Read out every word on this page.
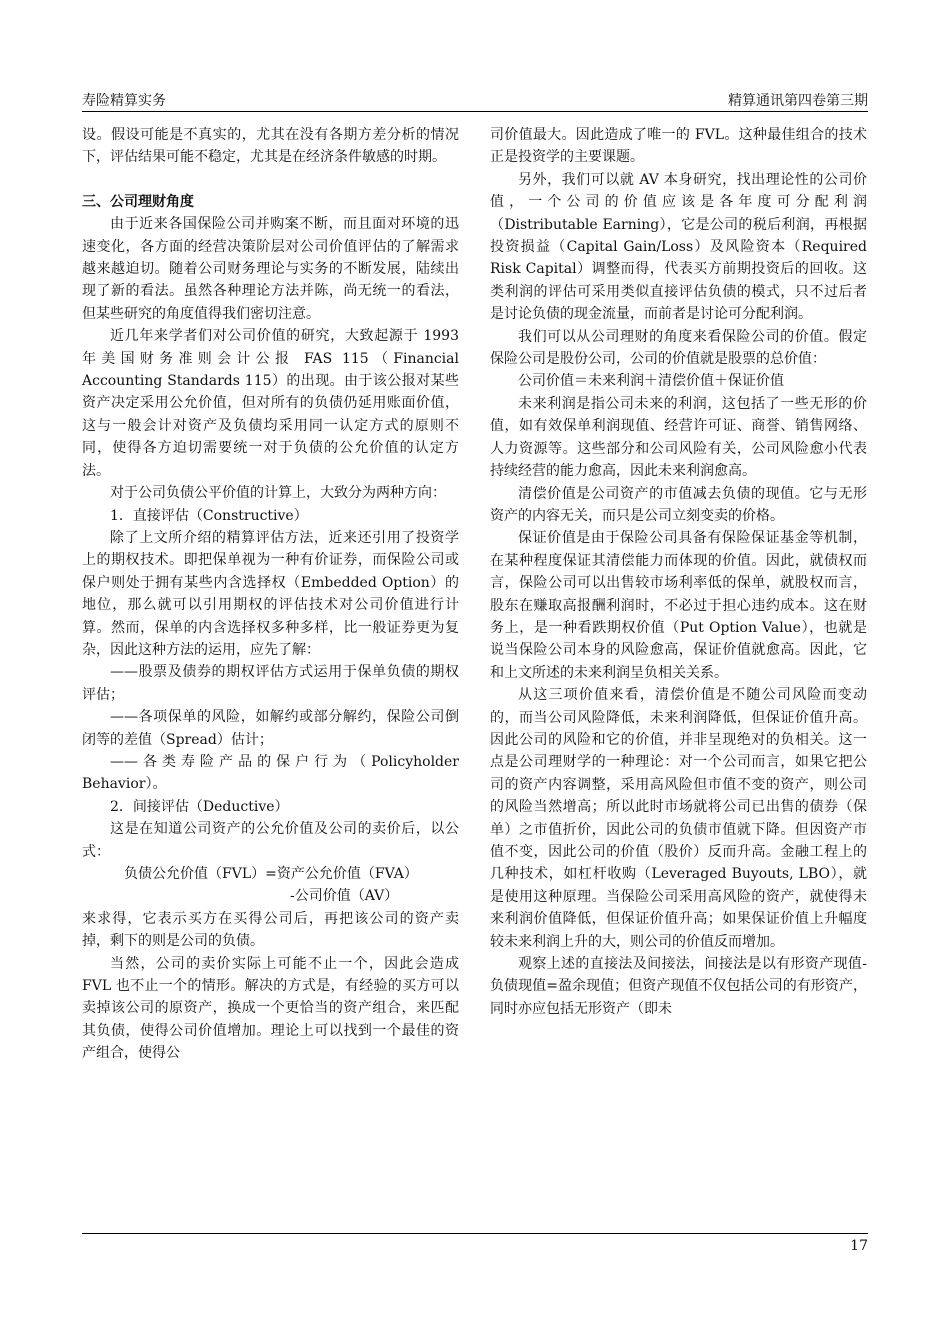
寿险精算实务	精算通讯第四卷第三期

设。假设可能是不真实的，尤其在没有各期方差分析的情况下，评估结果可能不稳定，尤其是在经济条件敏感的时期。

三、公司理财角度

由于近来各国保险公司并购案不断，而且面对环境的迅速变化，各方面的经营决策阶层对公司价值评估的了解需求越来越迫切。随着公司财务理论与实务的不断发展，陆续出现了新的看法。虽然各种理论方法并陈，尚无统一的看法，但某些研究的角度值得我们密切注意。

近几年来学者们对公司价值的研究，大致起源于 1993 年美国财务准则会计公报 FAS 115（Financial Accounting Standards 115）的出现。由于该公报对某些资产决定采用公允价值，但对所有的负债仍延用账面价值，这与一般会计对资产及负债均采用同一认定方式的原则不同，使得各方迫切需要统一对于负债的公允价值的认定方法。

对于公司负债公平价值的计算上，大致分为两种方向：

1．直接评估（Constructive）

除了上文所介绍的精算评估方法，近来还引用了投资学上的期权技术。即把保单视为一种有价证券，而保险公司或保户则处于拥有某些内含选择权（Embedded Option）的地位，那么就可以引用期权的评估技术对公司价值进行计算。然而，保单的内含选择权多种多样，比一般证券更为复杂，因此这种方法的运用，应先了解：

——股票及债券的期权评估方式运用于保单负债的期权评估；

——各项保单的风险，如解约或部分解约，保险公司倒闭等的差值（Spread）估计；

——各类寿险产品的保户行为（Policyholder Behavior）。

2．间接评估（Deductive）

这是在知道公司资产的公允价值及公司的卖价后，以公式：

负债公允价值（FVL）=资产公允价值（FVA）

-公司价值（AV）

来求得，它表示买方在买得公司后，再把该公司的资产卖掉，剩下的则是公司的负债。

当然，公司的卖价实际上可能不止一个，因此会造成 FVL 也不止一个的情形。解决的方式是，有经验的买方可以卖掉该公司的原资产，换成一个更恰当的资产组合，来匹配其负债，使得公司价值增加。理论上可以找到一个最佳的资产组合，使得公

司价值最大。因此造成了唯一的 FVL。这种最佳组合的技术正是投资学的主要课题。

另外，我们可以就 AV 本身研究，找出理论性的公司价值，一个公司的价值应该是各年度可分配利润（Distributable Earning），它是公司的税后利润，再根据投资损益（Capital Gain/Loss）及风险资本（Required Risk Capital）调整而得，代表买方前期投资后的回收。这类利润的评估可采用类似直接评估负债的模式，只不过后者是讨论负债的现金流量，而前者是讨论可分配利润。

我们可以从公司理财的角度来看保险公司的价值。假定保险公司是股份公司，公司的价值就是股票的总价值：

公司价值＝未来利润＋清偿价值＋保证价值

未来利润是指公司未来的利润，这包括了一些无形的价值，如有效保单利润现值、经营许可证、商誉、销售网络、人力资源等。这些部分和公司风险有关，公司风险愈小代表持续经营的能力愈高，因此未来利润愈高。

清偿价值是公司资产的市值减去负债的现值。它与无形资产的内容无关，而只是公司立刻变卖的价格。

保证价值是由于保险公司具备有保险保证基金等机制，在某种程度保证其清偿能力而体现的价值。因此，就债权而言，保险公司可以出售较市场利率低的保单，就股权而言，股东在赚取高报酬利润时，不必过于担心违约成本。这在财务上，是一种看跌期权价值（Put Option Value），也就是说当保险公司本身的风险愈高，保证价值就愈高。因此，它和上文所述的未来利润呈负相关关系。

从这三项价值来看，清偿价值是不随公司风险而变动的，而当公司风险降低，未来利润降低，但保证价值升高。因此公司的风险和它的价值，并非呈现绝对的负相关。这一点是公司理财学的一种理论：对一个公司而言，如果它把公司的资产内容调整，采用高风险但市值不变的资产，则公司的风险当然增高；所以此时市场就将公司已出售的债券（保单）之市值折价，因此公司的负债市值就下降。但因资产市值不变，因此公司的价值（股价）反而升高。金融工程上的几种技术，如杠杆收购（Leveraged Buyouts, LBO），就是使用这种原理。当保险公司采用高风险的资产，就使得未来利润价值降低，但保证价值升高；如果保证价值上升幅度较未来利润上升的大，则公司的价值反而增加。

观察上述的直接法及间接法，间接法是以有形资产现值-负债现值=盈余现值；但资产现值不仅包括公司的有形资产，同时亦应包括无形资产（即未

17
